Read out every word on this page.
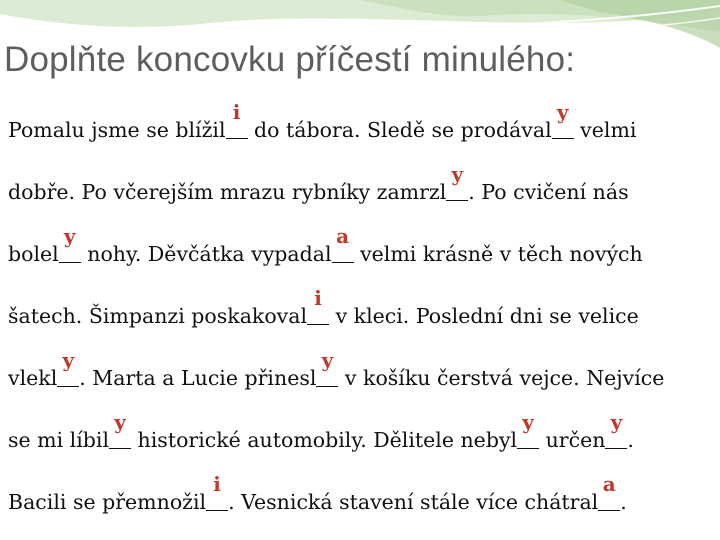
Doplňte koncovku příčestí minulého:
Pomalu jsme se blížil
i
do tábora. Sledě se prodával
y
velmi
dobře. Po včerejším mrazu rybníky zamrzl
y
. Po cvičení nás
bolel
y
nohy. Děvčátka vypadal
a
velmi krásně v těch nových
šatech. Šimpanzi poskakoval
i
v kleci. Poslední dni se velice
vlekl
y
. Marta a Lucie přinesl
y
v košíku čerstvá vejce. Nejvíce
se mi líbil
y
historické automobily. Dělitele nebyl
y
určen
y
.
Bacili se přemnožil
i
. Vesnická stavení stále více chátral
a
.
